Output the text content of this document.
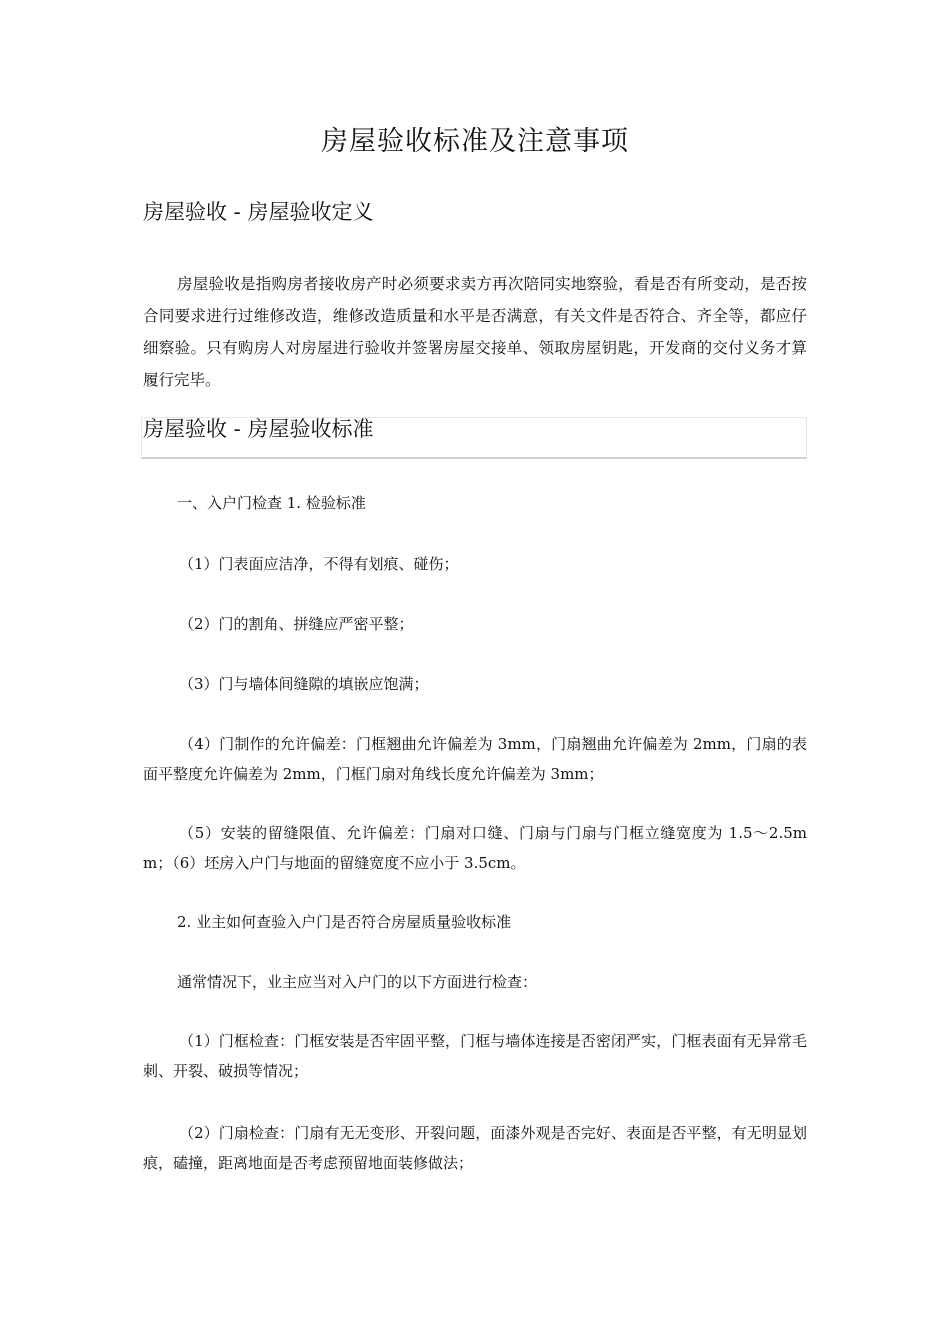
房屋验收标准及注意事项
房屋验收 - 房屋验收定义

房屋验收是指购房者接收房产时必须要求卖方再次陪同实地察验，看是否有所变动，是否按合同要求进行过维修改造，维修改造质量和水平是否满意，有关文件是否符合、齐全等，都应仔细察验。只有购房人对房屋进行验收并签署房屋交接单、领取房屋钥匙，开发商的交付义务才算履行完毕。

房屋验收 - 房屋验收标准

一、入户门检查 1. 检验标准

（1）门表面应洁净，不得有划痕、碰伤；

（2）门的割角、拼缝应严密平整；

（3）门与墙体间缝隙的填嵌应饱满；

（4）门制作的允许偏差：门框翘曲允许偏差为 3mm，门扇翘曲允许偏差为 2mm，门扇的表面平整度允许偏差为 2mm，门框门扇对角线长度允许偏差为 3mm；

（5）安装的留缝限值、允许偏差：门扇对口缝、门扇与门扇与门框立缝宽度为 1.5～2.5mm；（6）坯房入户门与地面的留缝宽度不应小于 3.5cm。

2. 业主如何查验入户门是否符合房屋质量验收标准

通常情况下，业主应当对入户门的以下方面进行检查：

（1）门框检查：门框安装是否牢固平整，门框与墙体连接是否密闭严实，门框表面有无异常毛刺、开裂、破损等情况；

（2）门扇检查：门扇有无无变形、开裂问题，面漆外观是否完好、表面是否平整，有无明显划痕，磕撞，距离地面是否考虑预留地面装修做法；
